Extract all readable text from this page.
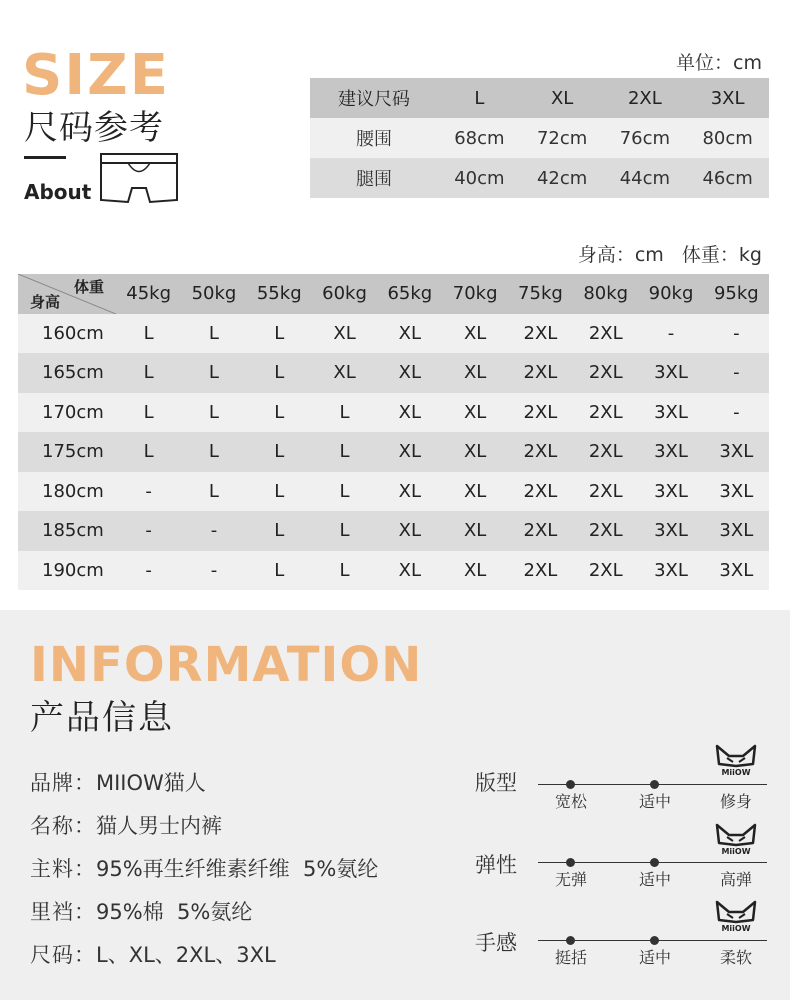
SIZE
尺码参考
About
单位：cm
建议尺码	L	XL	2XL	3XL
腰围	68cm	72cm	76cm	80cm
腿围	40cm	42cm	44cm	46cm
身高：cm   体重：kg
体重
身高	45kg	50kg	55kg	60kg	65kg	70kg	75kg	80kg	90kg	95kg
160cm	L	L	L	XL	XL	XL	2XL	2XL	-	-
165cm	L	L	L	XL	XL	XL	2XL	2XL	3XL	-
170cm	L	L	L	L	XL	XL	2XL	2XL	3XL	-
175cm	L	L	L	L	XL	XL	2XL	2XL	3XL	3XL
180cm	-	L	L	L	XL	XL	2XL	2XL	3XL	3XL
185cm	-	-	L	L	XL	XL	2XL	2XL	3XL	3XL
190cm	-	-	L	L	XL	XL	2XL	2XL	3XL	3XL
INFORMATION
产品信息
品牌：MIIOW猫人
名称：猫人男士内裤
主料：95%再生纤维素纤维  5%氨纶
里裆：95%棉  5%氨纶
尺码：L、XL、2XL、3XL
版型	MiiOW
宽松	适中	修身
弹性
MiiOW
无弹	适中	高弹
手感
MiiOW
挺括	适中	柔软
